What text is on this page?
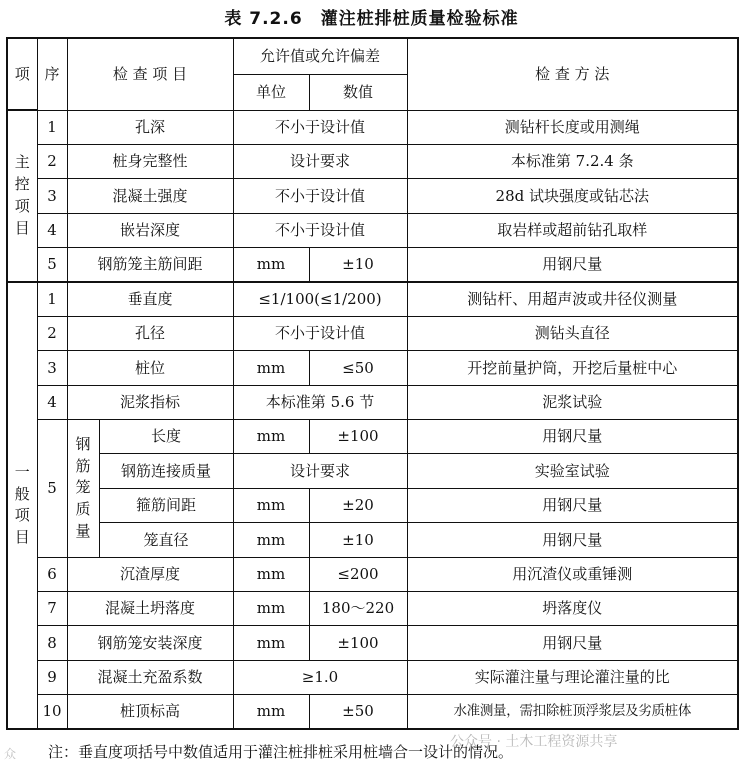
表 7.2.6　灌注桩排桩质量检验标准
项	序	检 查 项 目		允许值或允许偏差		检 查 方 法
				单位	数值	
主控项目	1	孔深		不小于设计值		测钻杆长度或用测绳
	2	桩身完整性		设计要求		本标准第 7.2.4 条
	3	混凝土强度		不小于设计值		28d 试块强度或钻芯法
	4	嵌岩深度		不小于设计值		取岩样或超前钻孔取样
	5	钢筋笼主筋间距		mm	±10	用钢尺量
一般项目	1	垂直度		≤1/100(≤1/200)		测钻杆、用超声波或井径仪测量
	2	孔径		不小于设计值		测钻头直径
	3	桩位		mm	≤50	开挖前量护筒，开挖后量桩中心
	4	泥浆指标		本标准第 5.6 节		泥浆试验
	5	钢筋笼质量	长度	mm	±100	用钢尺量
			钢筋连接质量	设计要求		实验室试验
			箍筋间距	mm	±20	用钢尺量
			笼直径	mm	±10	用钢尺量
	6	沉渣厚度		mm	≤200	用沉渣仪或重锤测
	7	混凝土坍落度		mm	180～220	坍落度仪
	8	钢筋笼安装深度		mm	±100	用钢尺量
	9	混凝土充盈系数		≥1.0		实际灌注量与理论灌注量的比
	10	桩顶标高		mm	±50	水准测量，需扣除桩顶浮浆层及劣质桩体
注：垂直度项括号中数值适用于灌注桩排桩采用桩墙合一设计的情况。
公众号 · 土木工程资源共享
众
